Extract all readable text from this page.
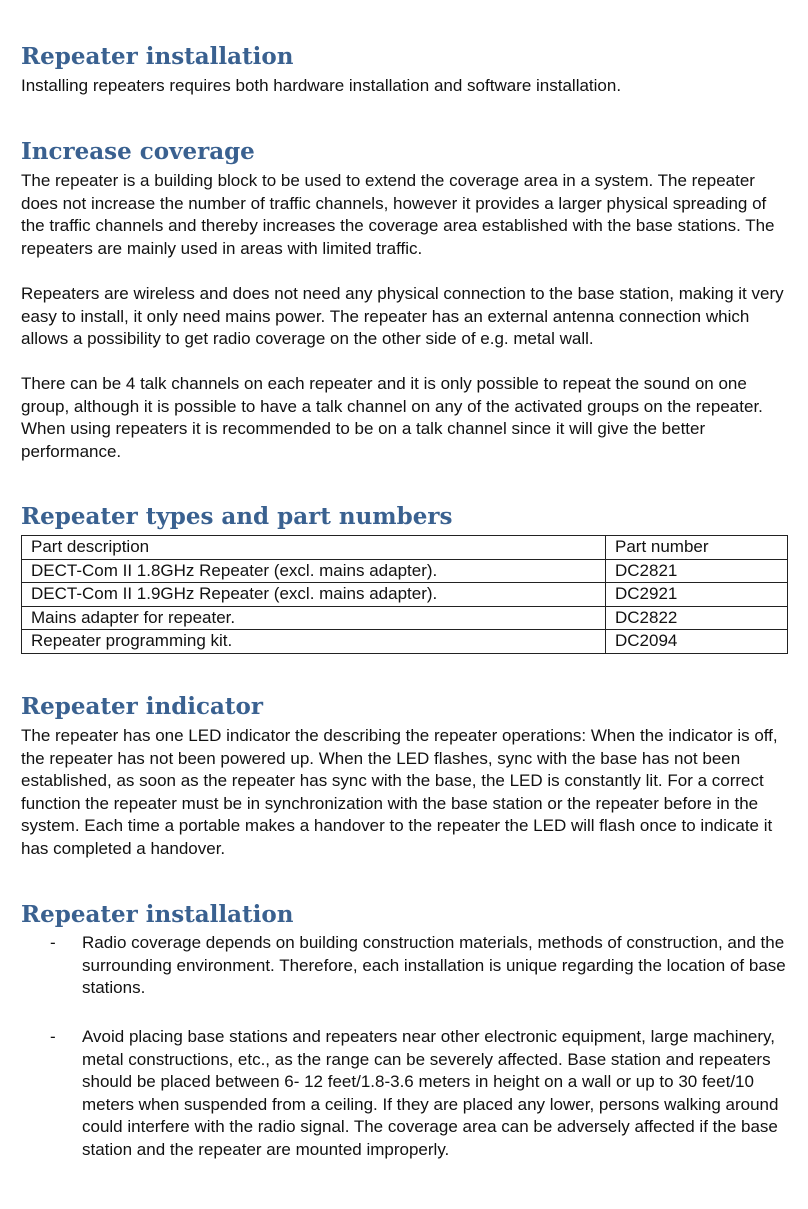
Repeater installation

Installing repeaters requires both hardware installation and software installation.

Increase coverage

The repeater is a building block to be used to extend the coverage area in a system. The repeater does not increase the number of traffic channels, however it provides a larger physical spreading of the traffic channels and thereby increases the coverage area established with the base stations. The repeaters are mainly used in areas with limited traffic.

Repeaters are wireless and does not need any physical connection to the base station, making it very easy to install, it only need mains power. The repeater has an external antenna connection which allows a possibility to get radio coverage on the other side of e.g. metal wall.

There can be 4 talk channels on each repeater and it is only possible to repeat the sound on one group, although it is possible to have a talk channel on any of the activated groups on the repeater. When using repeaters it is recommended to be on a talk channel since it will give the better performance.

Repeater types and part numbers
Part description	Part number
DECT-Com II 1.8GHz Repeater (excl. mains adapter).	DC2821
DECT-Com II 1.9GHz Repeater (excl. mains adapter).	DC2921
Mains adapter for repeater.	DC2822
Repeater programming kit.	DC2094
Repeater indicator

The repeater has one LED indicator the describing the repeater operations: When the indicator is off, the repeater has not been powered up. When the LED flashes, sync with the base has not been established, as soon as the repeater has sync with the base, the LED is constantly lit. For a correct function the repeater must be in synchronization with the base station or the repeater before in the system. Each time a portable makes a handover to the repeater the LED will flash once to indicate it has completed a handover.

Repeater installation
- Radio coverage depends on building construction materials, methods of construction, and the surrounding environment. Therefore, each installation is unique regarding the location of base stations.

- Avoid placing base stations and repeaters near other electronic equipment, large machinery, metal constructions, etc., as the range can be severely affected. Base station and repeaters should be placed between 6- 12 feet/1.8-3.6 meters in height on a wall or up to 30 feet/10 meters when suspended from a ceiling. If they are placed any lower, persons walking around could interfere with the radio signal. The coverage area can be adversely affected if the base station and the repeater are mounted improperly.
